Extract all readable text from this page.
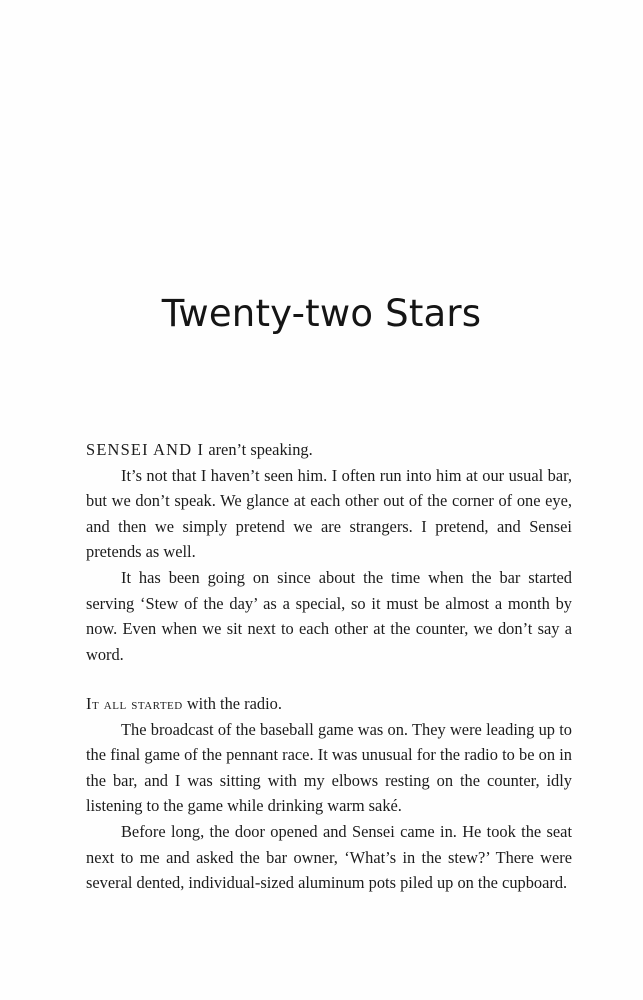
Twenty-two Stars

SENSEI AND I aren’t speaking.

It’s not that I haven’t seen him. I often run into him at our usual bar, but we don’t speak. We glance at each other out of the corner of one eye, and then we simply pretend we are strangers. I pretend, and Sensei pretends as well.

It has been going on since about the time when the bar started serving ‘Stew of the day’ as a special, so it must be almost a month by now. Even when we sit next to each other at the counter, we don’t say a word.

It all started with the radio.

The broadcast of the baseball game was on. They were leading up to the final game of the pennant race. It was unusual for the radio to be on in the bar, and I was sitting with my elbows resting on the counter, idly listening to the game while drinking warm saké.

Before long, the door opened and Sensei came in. He took the seat next to me and asked the bar owner, ‘What’s in the stew?’ There were several dented, individual-sized aluminum pots piled up on the cupboard.
